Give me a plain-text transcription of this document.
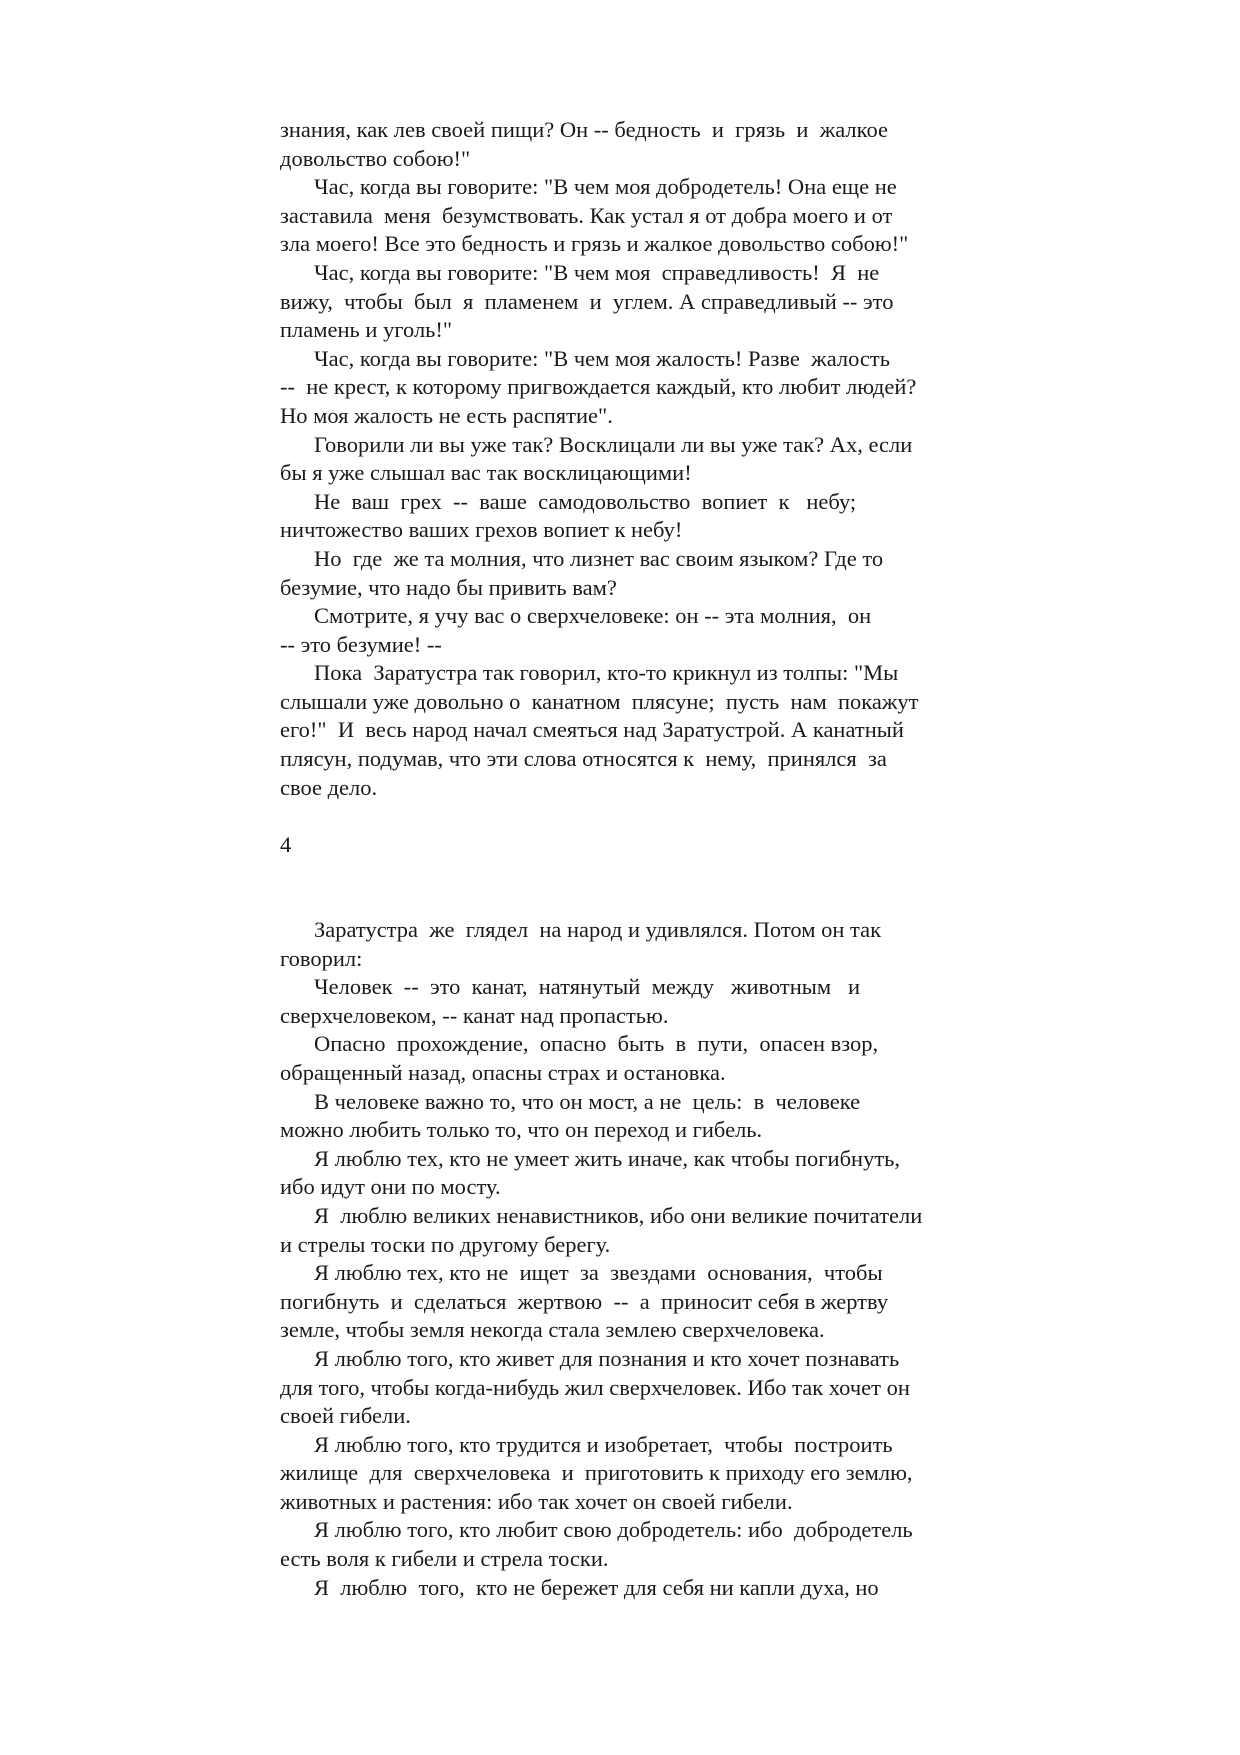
знания, как лев своей пищи? Он -- бедность  и  грязь  и  жалкое
довольство собою!"
Час, когда вы говорите: "В чем моя добродетель! Она еще не
заставила  меня  безумствовать. Как устал я от добра моего и от
зла моего! Все это бедность и грязь и жалкое довольство собою!"
Час, когда вы говорите: "В чем моя  справедливость!  Я  не
вижу,  чтобы  был  я  пламенем  и  углем. А справедливый -- это
пламень и уголь!"
Час, когда вы говорите: "В чем моя жалость! Разве  жалость
--  не крест, к которому пригвождается каждый, кто любит людей?
Но моя жалость не есть распятие".
Говорили ли вы уже так? Восклицали ли вы уже так? Ах, если
бы я уже слышал вас так восклицающими!
Не  ваш  грех  --  ваше  самодовольство  вопиет  к   небу;
ничтожество ваших грехов вопиет к небу!
Но  где  же та молния, что лизнет вас своим языком? Где то
безумие, что надо бы привить вам?
Смотрите, я учу вас о сверхчеловеке: он -- эта молния,  он
-- это безумие! --
Пока  Заратустра так говорил, кто-то крикнул из толпы: "Мы
слышали уже довольно о  канатном  плясуне;  пусть  нам  покажут
его!"  И  весь народ начал смеяться над Заратустрой. А канатный
плясун, подумав, что эти слова относятся к  нему,  принялся  за
свое дело.
4
Заратустра  же  глядел  на народ и удивлялся. Потом он так
говорил:
Человек  --  это  канат,  натянутый  между   животным   и
сверхчеловеком, -- канат над пропастью.
Опасно  прохождение,  опасно  быть  в  пути,  опасен взор,
обращенный назад, опасны страх и остановка.
В человеке важно то, что он мост, а не  цель:  в  человеке
можно любить только то, что он переход и гибель.
Я люблю тех, кто не умеет жить иначе, как чтобы погибнуть,
ибо идут они по мосту.
Я  люблю великих ненавистников, ибо они великие почитатели
и стрелы тоски по другому берегу.
Я люблю тех, кто не  ищет  за  звездами  основания,  чтобы
погибнуть  и  сделаться  жертвою  --  а  приносит себя в жертву
земле, чтобы земля некогда стала землею сверхчеловека.
Я люблю того, кто живет для познания и кто хочет познавать
для того, чтобы когда-нибудь жил сверхчеловек. Ибо так хочет он
своей гибели.
Я люблю того, кто трудится и изобретает,  чтобы  построить
жилище  для  сверхчеловека  и  приготовить к приходу его землю,
животных и растения: ибо так хочет он своей гибели.
Я люблю того, кто любит свою добродетель: ибо  добродетель
есть воля к гибели и стрела тоски.
Я  люблю  того,  кто не бережет для себя ни капли духа, но
